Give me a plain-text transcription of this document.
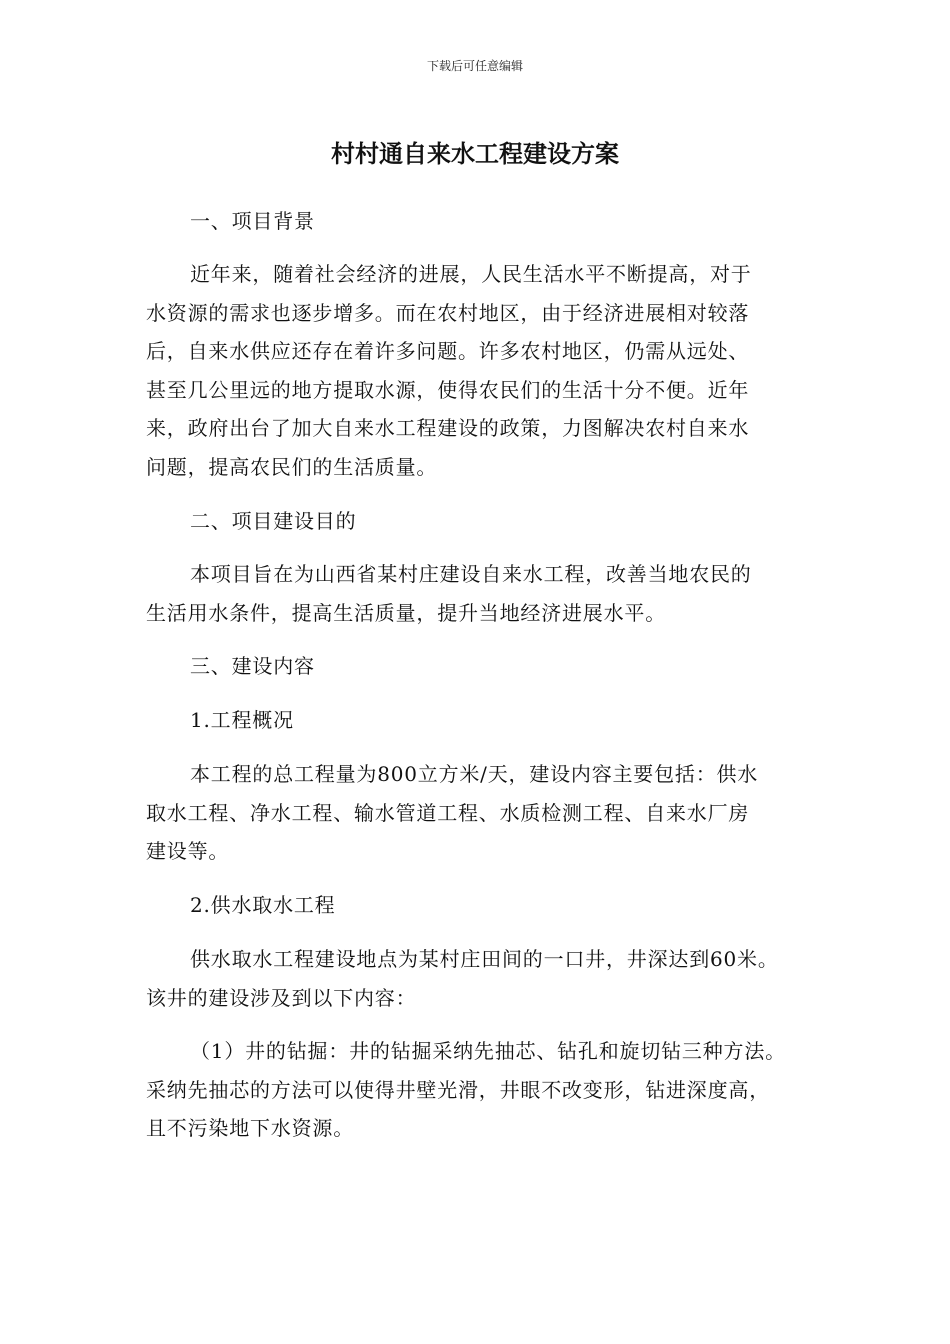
下载后可任意编辑
村村通自来水工程建设方案

一、项目背景

近年来，随着社会经济的进展，人民生活水平不断提高，对于
水资源的需求也逐步增多。而在农村地区，由于经济进展相对较落
后，自来水供应还存在着许多问题。许多农村地区，仍需从远处、
甚至几公里远的地方提取水源，使得农民们的生活十分不便。近年
来，政府出台了加大自来水工程建设的政策，力图解决农村自来水
问题，提高农民们的生活质量。

二、项目建设目的

本项目旨在为山西省某村庄建设自来水工程，改善当地农民的
生活用水条件，提高生活质量，提升当地经济进展水平。

三、建设内容

1.工程概况

本工程的总工程量为800立方米/天，建设内容主要包括：供水
取水工程、净水工程、输水管道工程、水质检测工程、自来水厂房
建设等。

2.供水取水工程

供水取水工程建设地点为某村庄田间的一口井，井深达到60米。
该井的建设涉及到以下内容：

（1）井的钻掘：井的钻掘采纳先抽芯、钻孔和旋切钻三种方法。
采纳先抽芯的方法可以使得井壁光滑，井眼不改变形，钻进深度高，
且不污染地下水资源。
